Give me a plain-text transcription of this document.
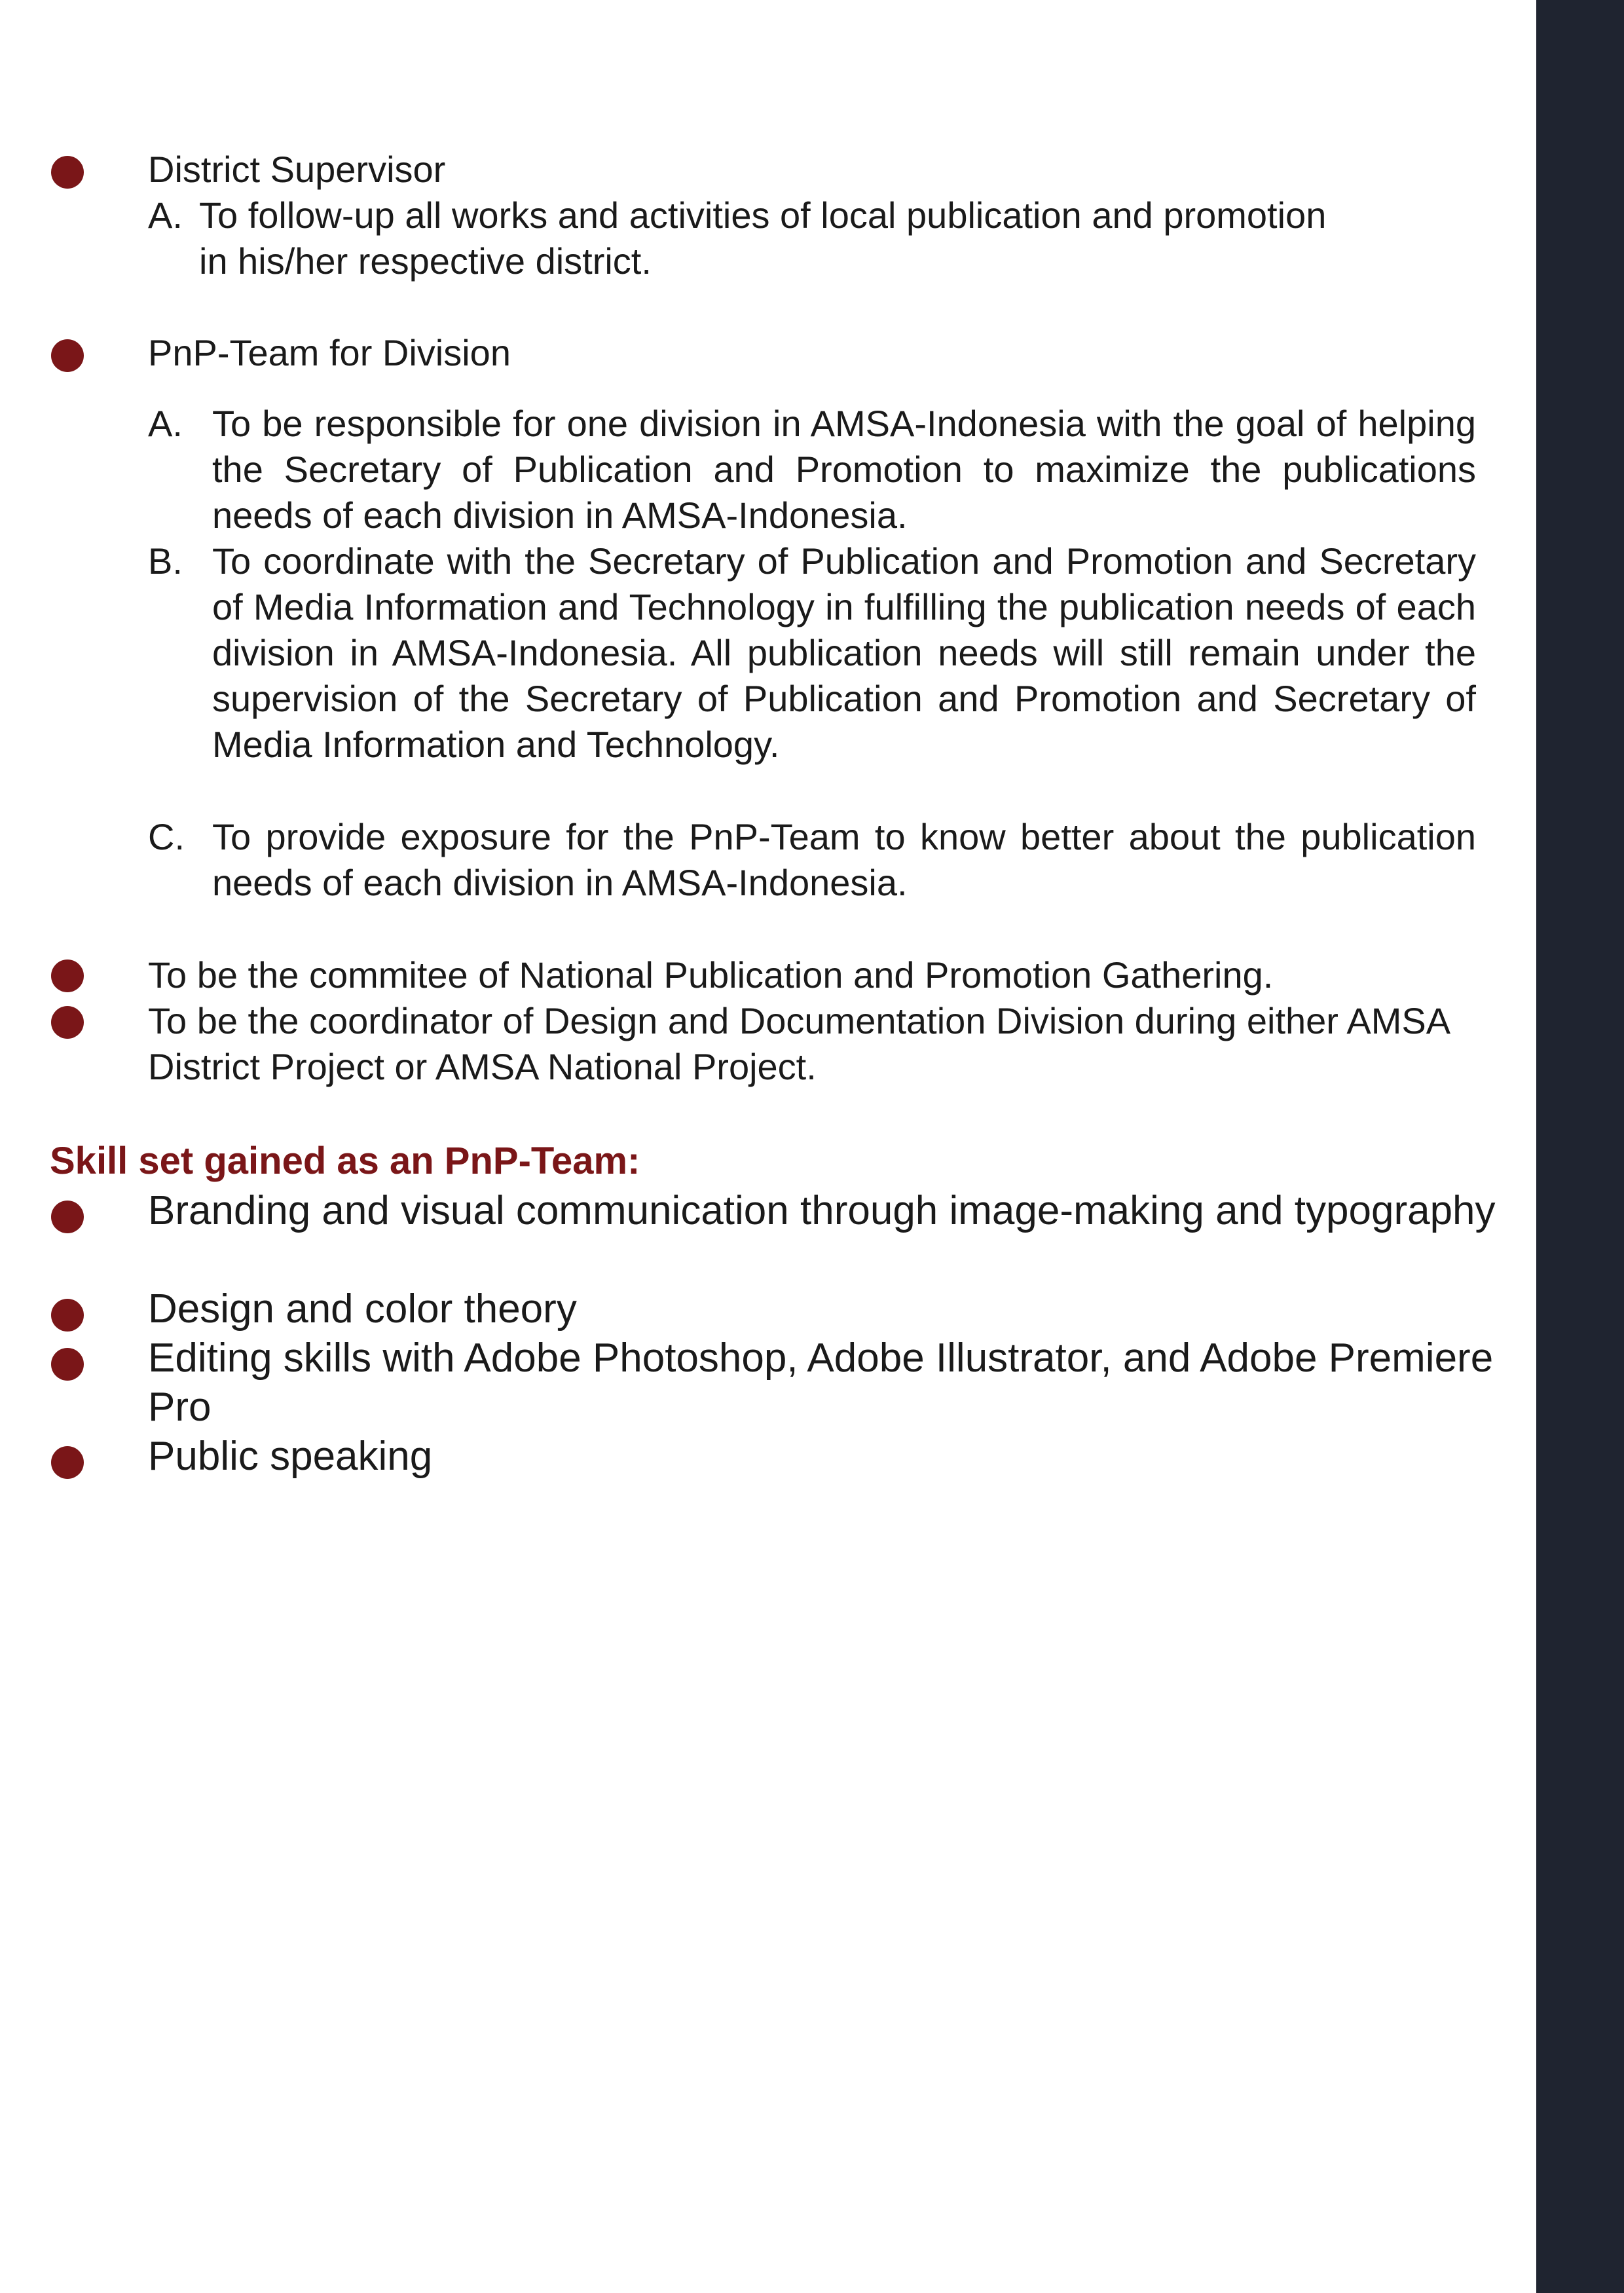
District Supervisor
A. To follow-up all works and activities of local publication and promotion in his/her respective district.
PnP-Team for Division
A. To be responsible for one division in AMSA-Indonesia with the goal of helping the Secretary of Publication and Promotion to maximize the publications needs of each division in AMSA-Indonesia.
B. To coordinate with the Secretary of Publication and Promotion and Secretary of Media Information and Technology in fulfilling the publication needs of each division in AMSA-Indonesia. All publication needs will still remain under the supervision of the Secretary of Publication and Promotion and Secretary of Media Information and Technology.
C. To provide exposure for the PnP-Team to know better about the publication needs of each division in AMSA-Indonesia.
To be the commitee of National Publication and Promotion Gathering.
To be the coordinator of Design and Documentation Division during either AMSA District Project or AMSA National Project.
Skill set gained as an PnP-Team:
Branding and visual communication through image-making and typography
Design and color theory
Editing skills with Adobe Photoshop, Adobe Illustrator, and Adobe Premiere Pro
Public speaking
